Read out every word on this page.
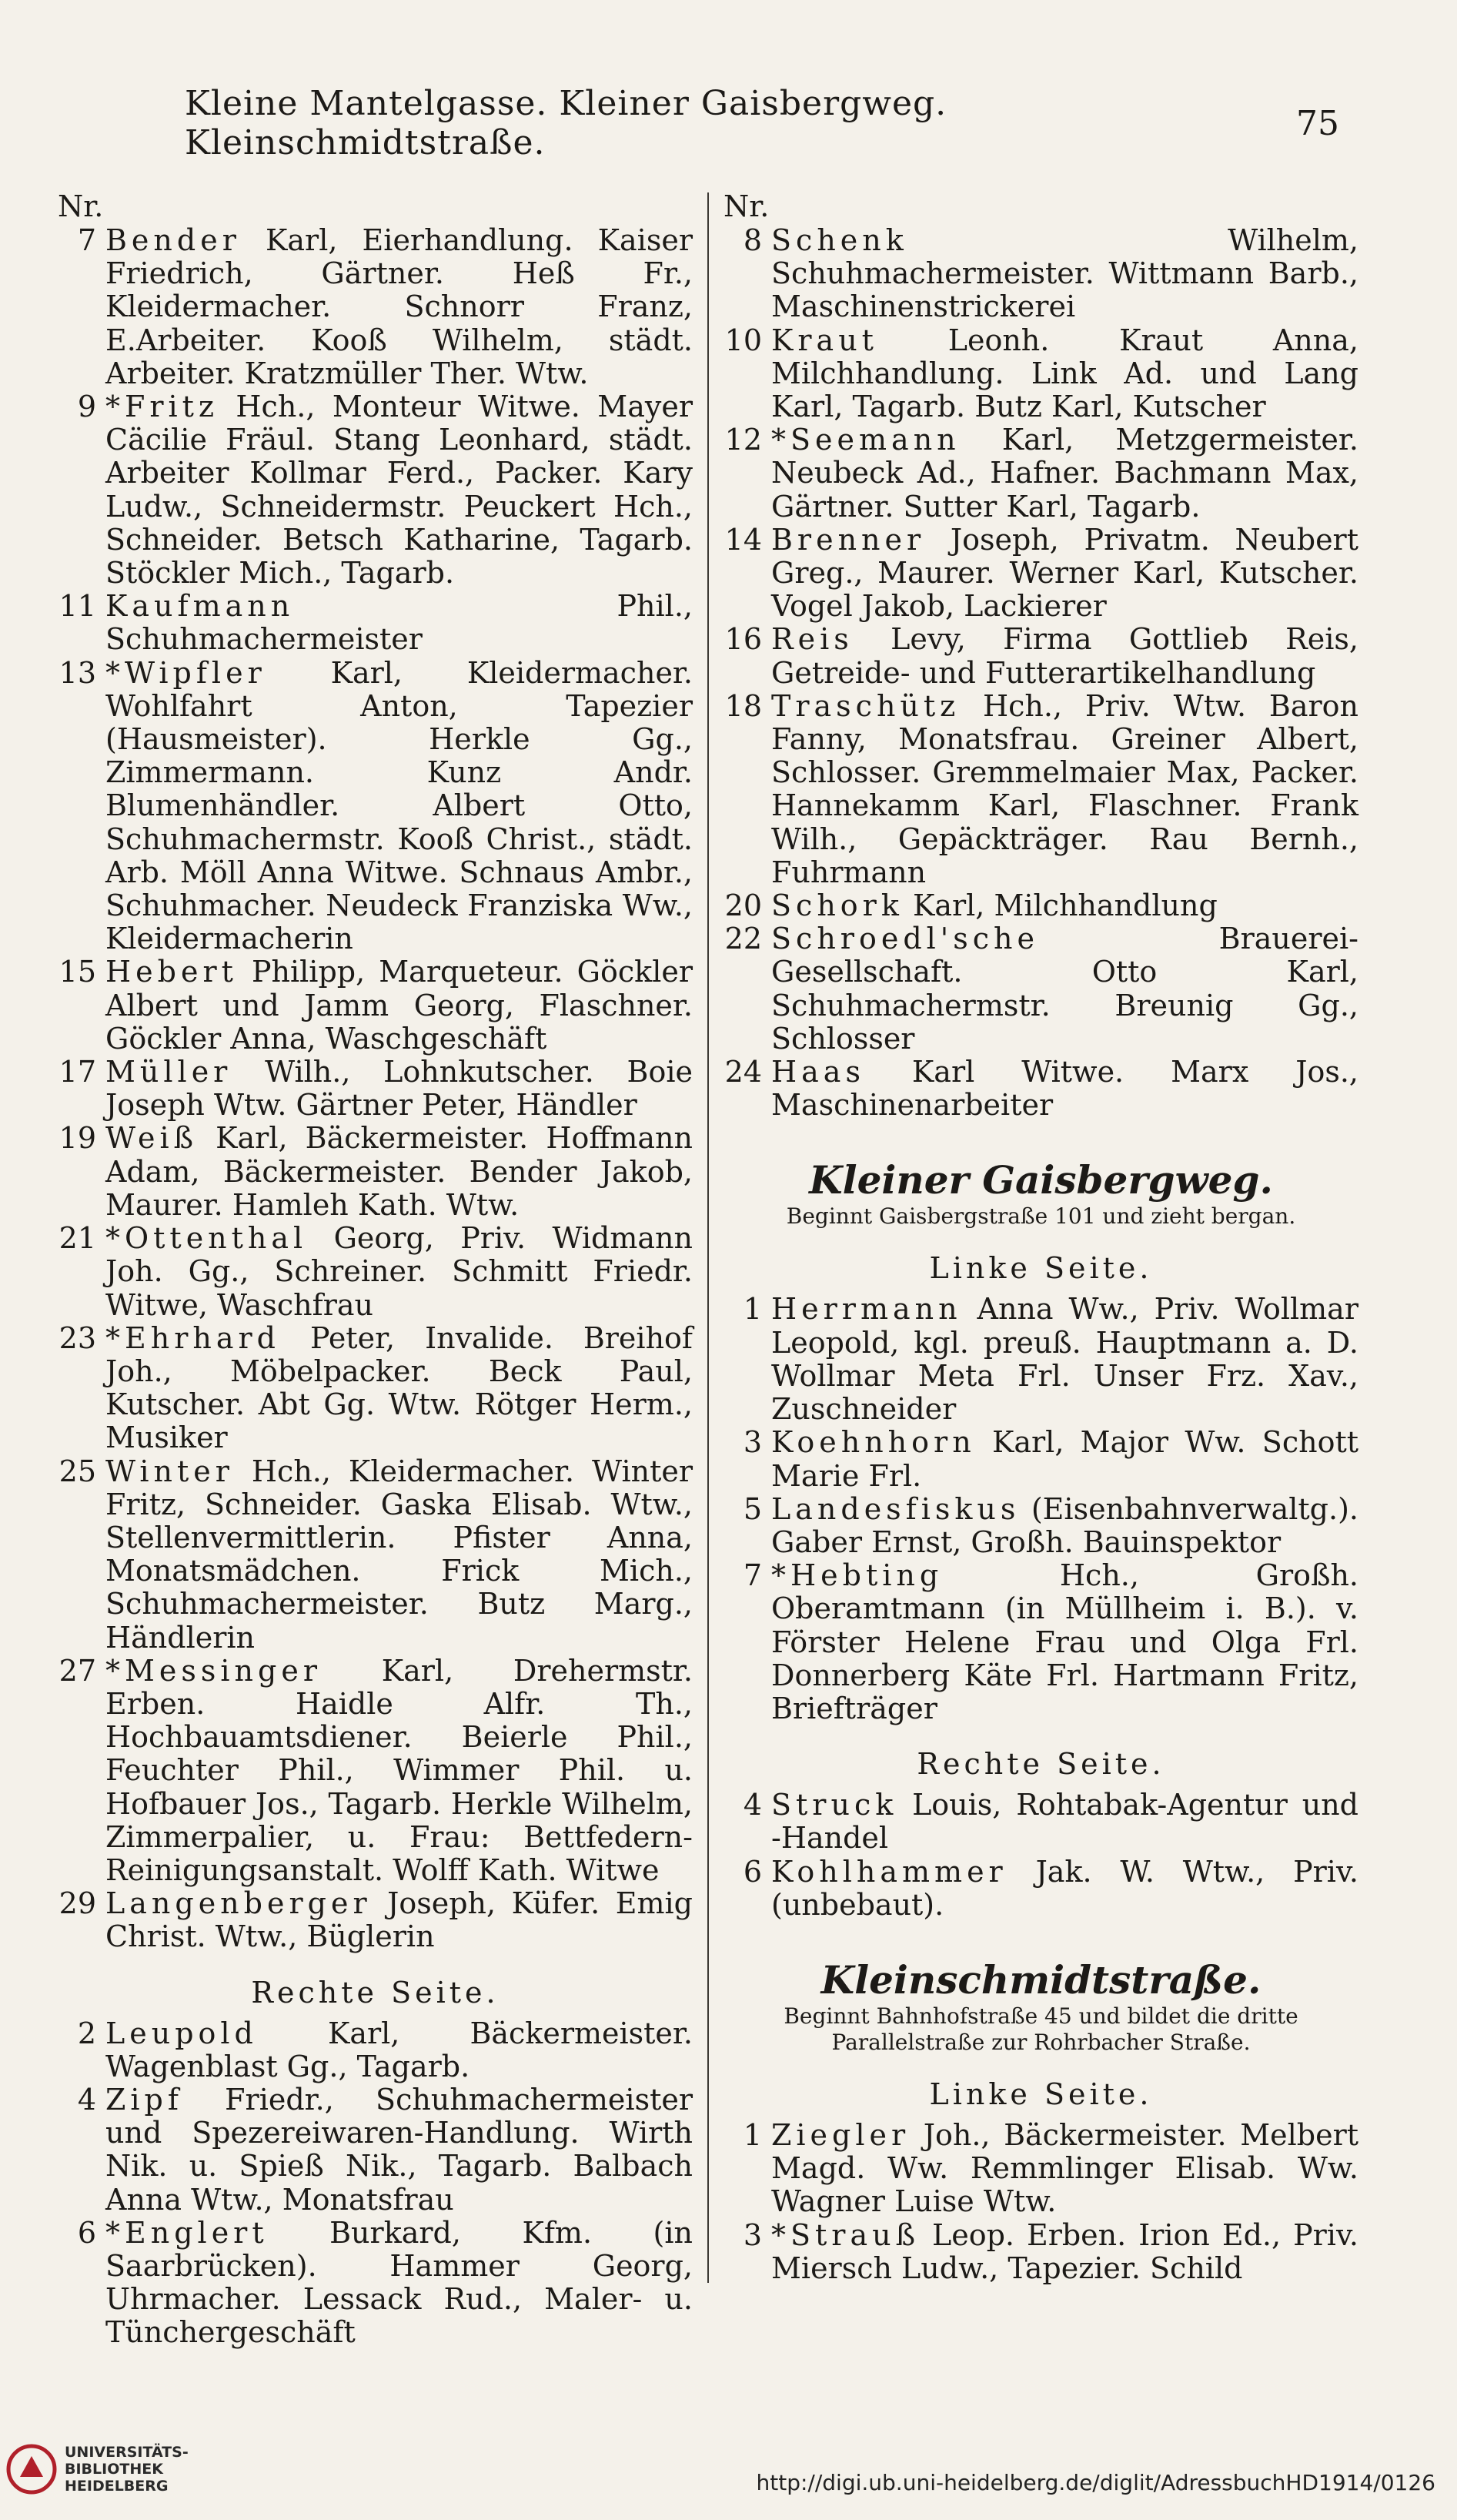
Kleine Mantelgasse. Kleiner Gaisbergweg. Kleinschmidtstraße.	75
Nr.
7 Bender Karl, Eierhandlung. Kaiser Friedrich, Gärtner. Heß Fr., Kleidermacher. Schnorr Franz, E.Arbeiter. Kooß Wilhelm, städt. Arbeiter. Kratzmüller Ther. Wtw.
9 *Fritz Hch., Monteur Witwe. Mayer Cäcilie Fräul. Stang Leonhard, städt. Arbeiter Kollmar Ferd., Packer. Kary Ludw., Schneidermstr. Peuckert Hch., Schneider. Betsch Katharine, Tagarb. Stöckler Mich., Tagarb.
11 Kaufmann Phil., Schuhmachermeister
13 *Wipfler Karl, Kleidermacher. Wohlfahrt Anton, Tapezier (Hausmeister). Herkle Gg., Zimmermann. Kunz Andr. Blumenhändler. Albert Otto, Schuhmachermstr. Kooß Christ., städt. Arb. Möll Anna Witwe. Schnaus Ambr., Schuhmacher. Neudeck Franziska Ww., Kleidermacherin
15 Hebert Philipp, Marqueteur. Göckler Albert und Jamm Georg, Flaschner. Göckler Anna, Waschgeschäft
17 Müller Wilh., Lohnkutscher. Boie Joseph Wtw. Gärtner Peter, Händler
19 Weiß Karl, Bäckermeister. Hoffmann Adam, Bäckermeister. Bender Jakob, Maurer. Hamleh Kath. Wtw.
21 *Ottenthal Georg, Priv. Widmann Joh. Gg., Schreiner. Schmitt Friedr. Witwe, Waschfrau
23 *Ehrhard Peter, Invalide. Breihof Joh., Möbelpacker. Beck Paul, Kutscher. Abt Gg. Wtw. Rötger Herm., Musiker
25 Winter Hch., Kleidermacher. Winter Fritz, Schneider. Gaska Elisab. Wtw., Stellenvermittlerin. Pfister Anna, Monatsmädchen. Frick Mich., Schuhmachermeister. Butz Marg., Händlerin
27 *Messinger Karl, Drehermstr. Erben. Haidle Alfr. Th., Hochbauamtsdiener. Beierle Phil., Feuchter Phil., Wimmer Phil. u. Hofbauer Jos., Tagarb. Herkle Wilhelm, Zimmerpalier, u. Frau: Bettfedern-Reinigungsanstalt. Wolff Kath. Witwe
29 Langenberger Joseph, Küfer. Emig Christ. Wtw., Büglerin
Rechte Seite.
2 Leupold Karl, Bäckermeister. Wagenblast Gg., Tagarb.
4 Zipf Friedr., Schuhmachermeister und Spezereiwaren-Handlung. Wirth Nik. u. Spieß Nik., Tagarb. Balbach Anna Wtw., Monatsfrau
6 *Englert Burkard, Kfm. (in Saarbrücken). Hammer Georg, Uhrmacher. Lessack Rud., Maler- u. Tünchergeschäft
Nr.
8 Schenk Wilhelm, Schuhmachermeister. Wittmann Barb., Maschinenstrickerei
10 Kraut Leonh. Kraut Anna, Milchhandlung. Link Ad. und Lang Karl, Tagarb. Butz Karl, Kutscher
12 *Seemann Karl, Metzgermeister. Neubeck Ad., Hafner. Bachmann Max, Gärtner. Sutter Karl, Tagarb.
14 Brenner Joseph, Privatm. Neubert Greg., Maurer. Werner Karl, Kutscher. Vogel Jakob, Lackierer
16 Reis Levy, Firma Gottlieb Reis, Getreide- und Futterartikelhandlung
18 Traschütz Hch., Priv. Wtw. Baron Fanny, Monatsfrau. Greiner Albert, Schlosser. Gremmelmaier Max, Packer. Hannekamm Karl, Flaschner. Frank Wilh., Gepäckträger. Rau Bernh., Fuhrmann
20 Schork Karl, Milchhandlung
22 Schroedl'sche Brauerei-Gesellschaft. Otto Karl, Schuhmachermstr. Breunig Gg., Schlosser
24 Haas Karl Witwe. Marx Jos., Maschinenarbeiter
Kleiner Gaisbergweg.
Beginnt Gaisbergstraße 101 und zieht bergan.
Linke Seite.
1 Herrmann Anna Ww., Priv. Wollmar Leopold, kgl. preuß. Hauptmann a. D. Wollmar Meta Frl. Unser Frz. Xav., Zuschneider
3 Koehnhorn Karl, Major Ww. Schott Marie Frl.
5 Landesfiskus (Eisenbahnverwaltg.). Gaber Ernst, Großh. Bauinspektor
7 *Hebting Hch., Großh. Oberamtmann (in Müllheim i. B.). v. Förster Helene Frau und Olga Frl. Donnerberg Käte Frl. Hartmann Fritz, Briefträger
Rechte Seite.
4 Struck Louis, Rohtabak-Agentur und -Handel
6 Kohlhammer Jak. W. Wtw., Priv. (unbebaut).
Kleinschmidtstraße.
Beginnt Bahnhofstraße 45 und bildet die dritte Parallelstraße zur Rohrbacher Straße.
Linke Seite.
1 Ziegler Joh., Bäckermeister. Melbert Magd. Ww. Remmlinger Elisab. Ww. Wagner Luise Wtw.
3 *Strauß Leop. Erben. Irion Ed., Priv. Miersch Ludw., Tapezier. Schild
UNIVERSITÄTS-
BIBLIOTHEK
HEIDELBERG	http://digi.ub.uni-heidelberg.de/diglit/AdressbuchHD1914/0126
